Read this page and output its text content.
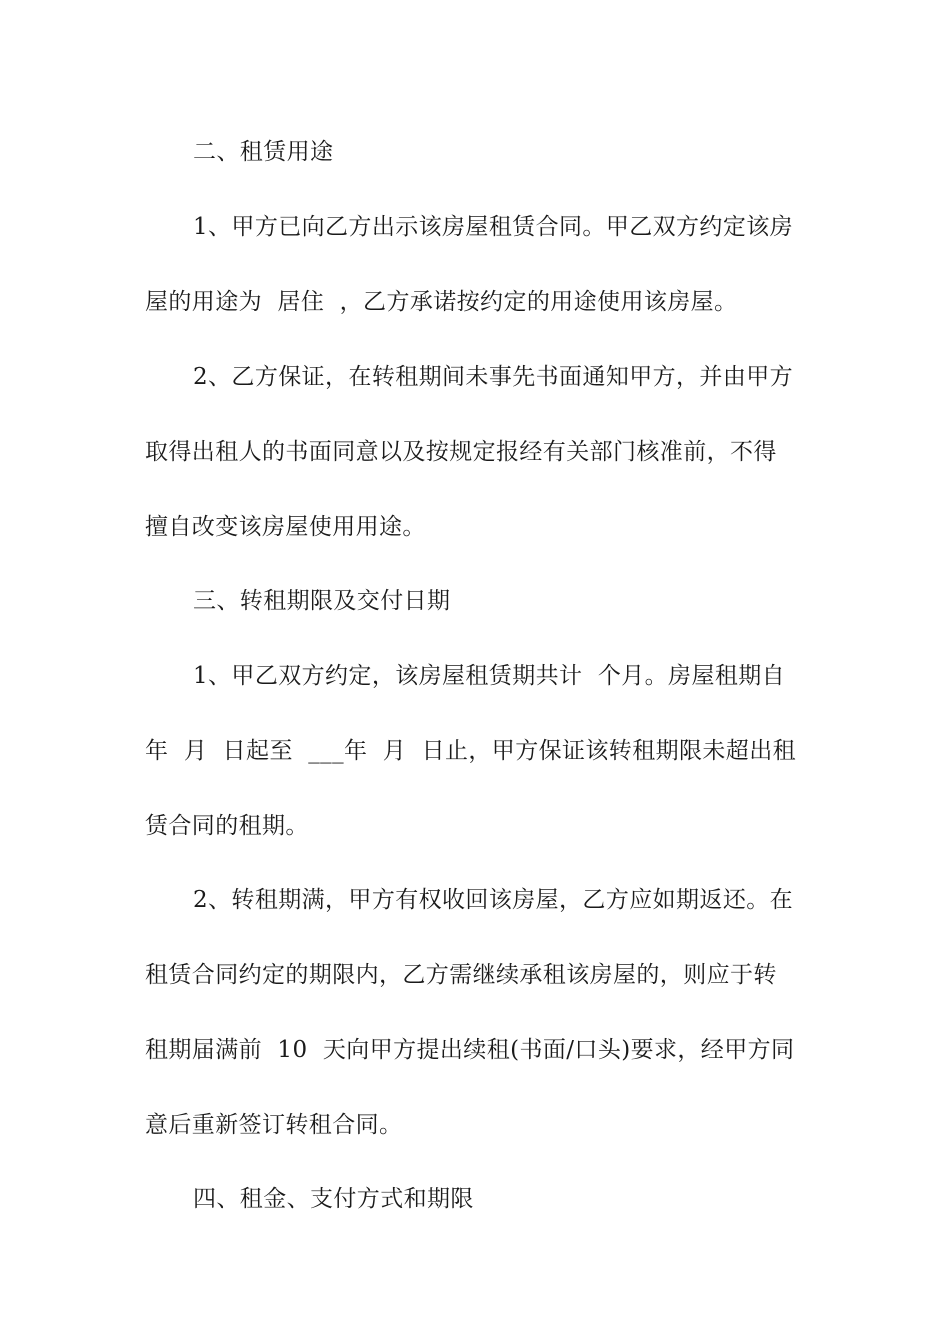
二、租赁用途
1、甲方已向乙方出示该房屋租赁合同。甲乙双方约定该房
屋的用途为  居住  ，乙方承诺按约定的用途使用该房屋。
2、乙方保证，在转租期间未事先书面通知甲方，并由甲方
取得出租人的书面同意以及按规定报经有关部门核准前，不得
擅自改变该房屋使用用途。
三、转租期限及交付日期
1、甲乙双方约定，该房屋租赁期共计  个月。房屋租期自
年  月  日起至  ___年  月  日止，甲方保证该转租期限未超出租
赁合同的租期。
2、转租期满，甲方有权收回该房屋，乙方应如期返还。在
租赁合同约定的期限内，乙方需继续承租该房屋的，则应于转
租期届满前  10  天向甲方提出续租(书面/口头)要求，经甲方同
意后重新签订转租合同。
四、租金、支付方式和期限
